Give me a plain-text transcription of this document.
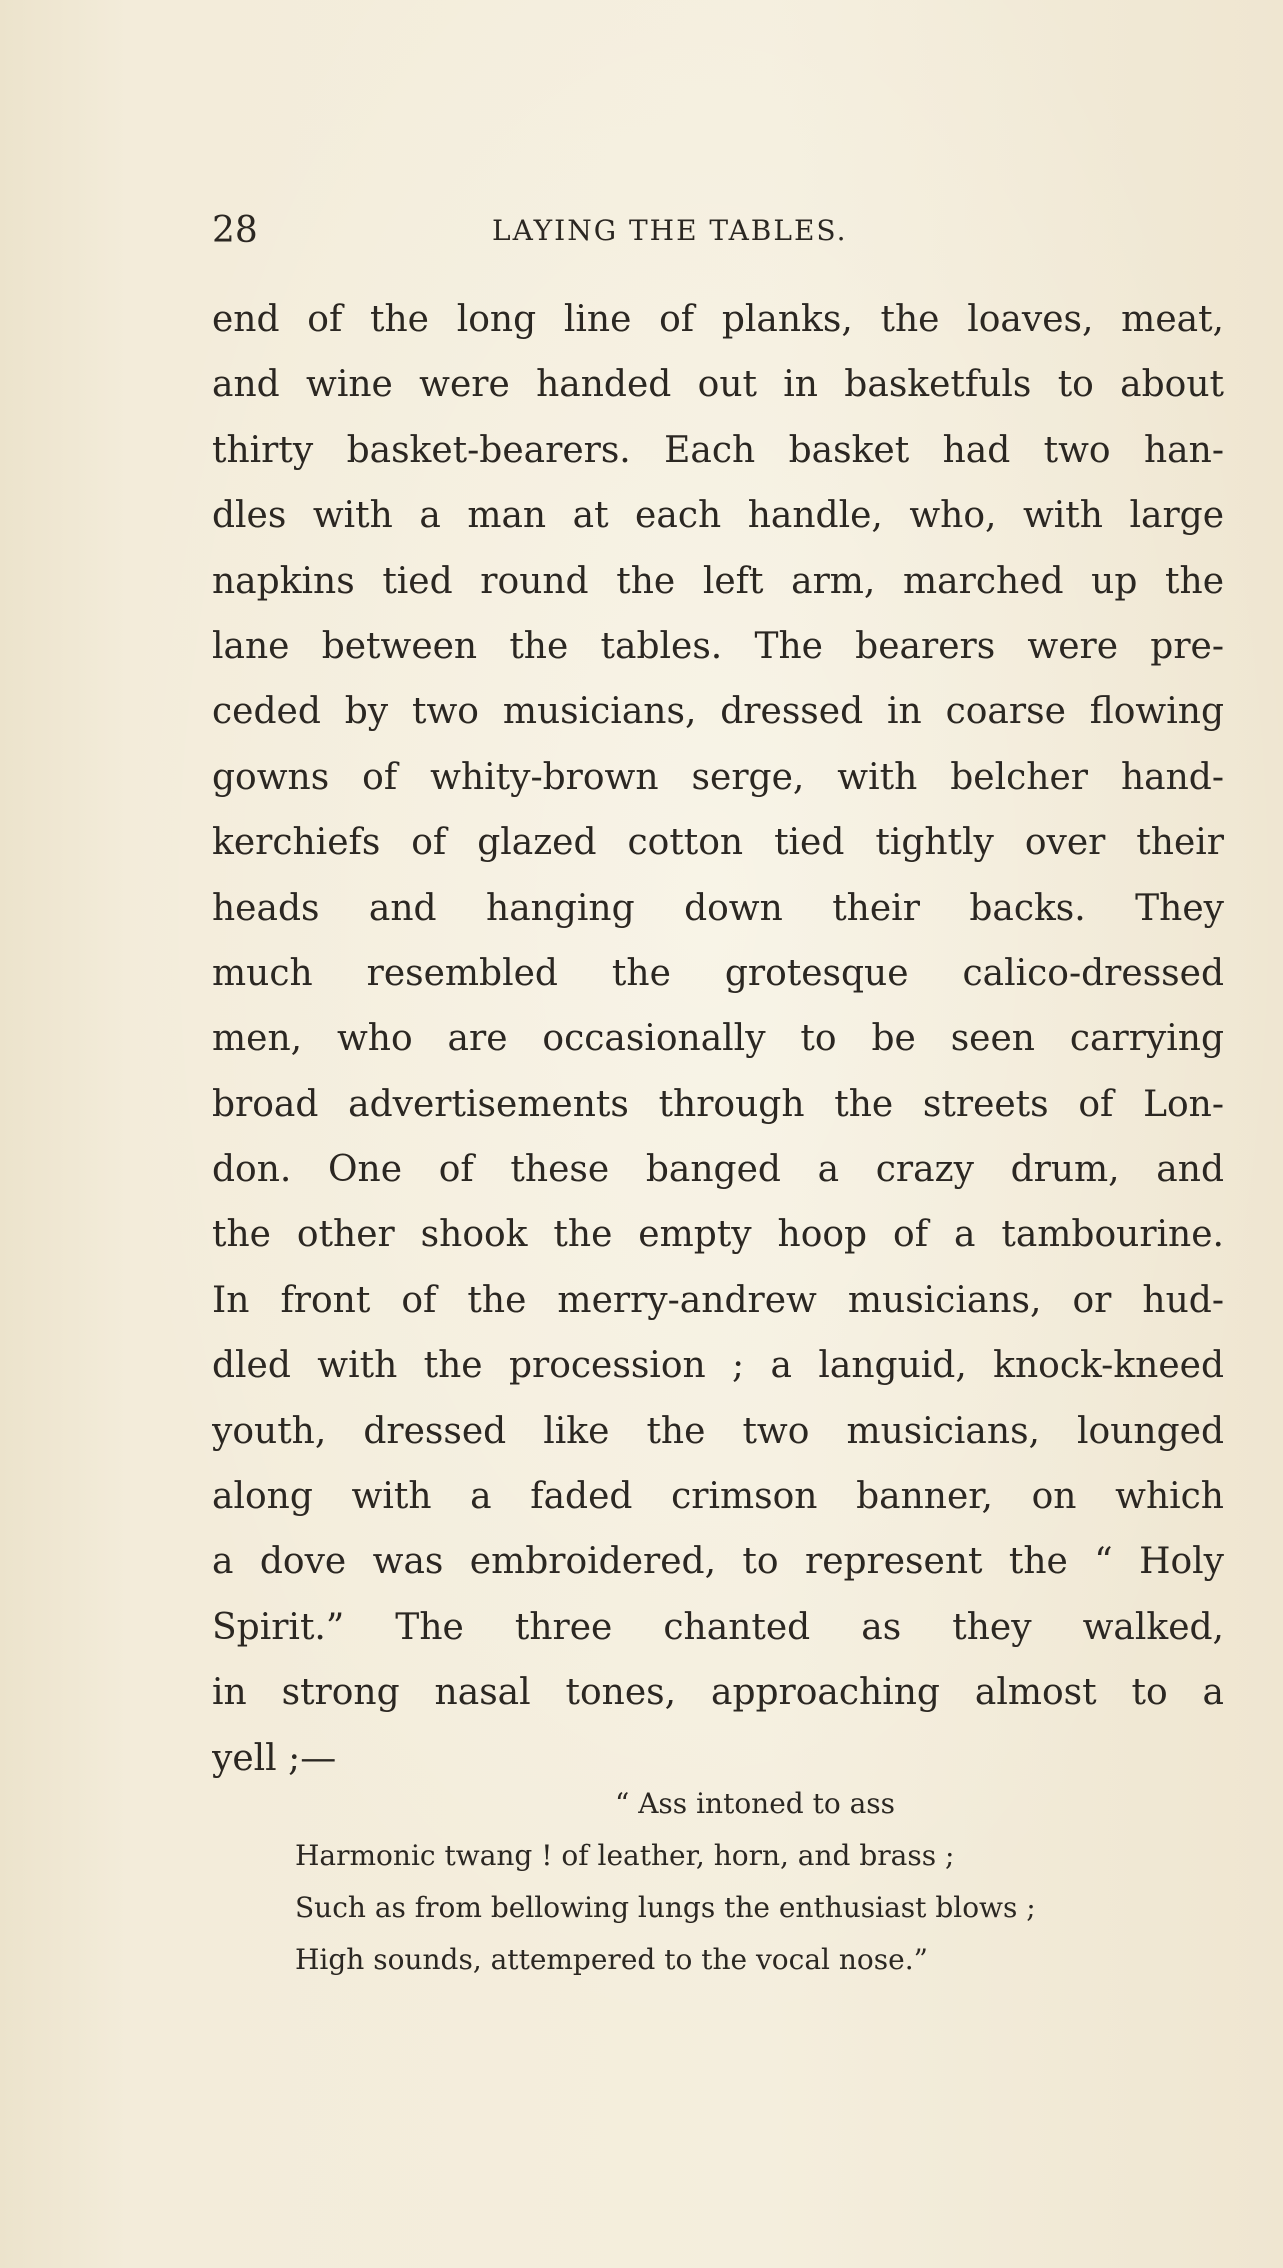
28	LAYING THE TABLES.
end of the long line of planks, the loaves, meat,
and wine were handed out in basketfuls to about
thirty basket-bearers. Each basket had two han-
dles with a man at each handle, who, with large
napkins tied round the left arm, marched up the
lane between the tables. The bearers were pre-
ceded by two musicians, dressed in coarse flowing
gowns of whity-brown serge, with belcher hand-
kerchiefs of glazed cotton tied tightly over their
heads and hanging down their backs. They
much resembled the grotesque calico-dressed
men, who are occasionally to be seen carrying
broad advertisements through the streets of Lon-
don. One of these banged a crazy drum, and
the other shook the empty hoop of a tambourine.
In front of the merry-andrew musicians, or hud-
dled with the procession ; a languid, knock-kneed
youth, dressed like the two musicians, lounged
along with a faded crimson banner, on which
a dove was embroidered, to represent the “ Holy
Spirit.” The three chanted as they walked,
in strong nasal tones, approaching almost to a
yell ;—
“ Ass intoned to ass
Harmonic twang ! of leather, horn, and brass ;
Such as from bellowing lungs the enthusiast blows ;
High sounds, attempered to the vocal nose.”
